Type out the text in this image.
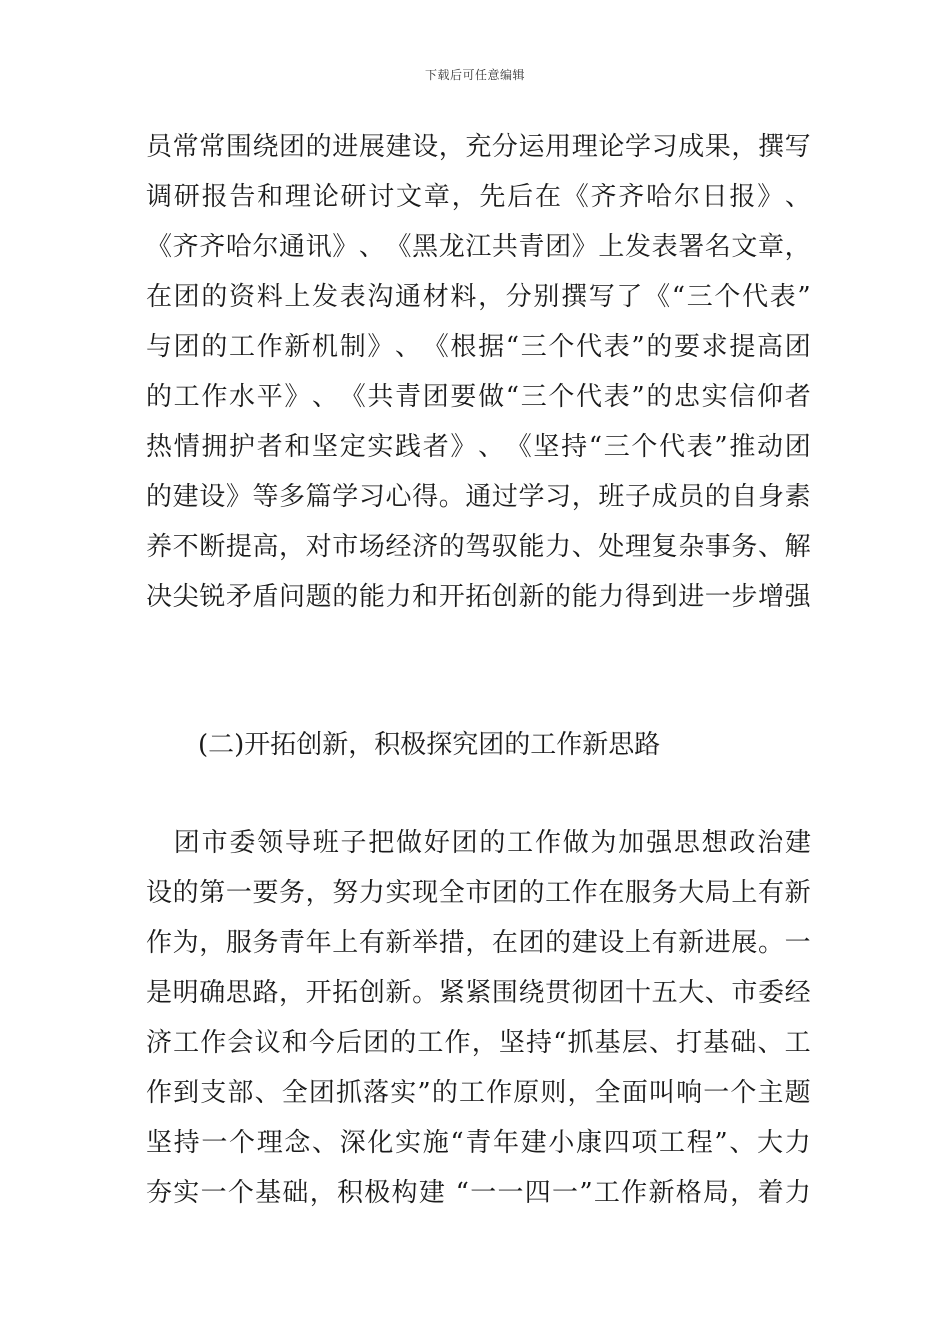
下载后可任意编辑
员 常 常 围 绕 团 的 进 展 建 设 ， 充 分 运 用 理 论 学 习 成 果 ， 撰 写
调 研 报 告 和 理 论 研 讨 文 章 ， 先 后 在 《 齐 齐 哈 尔 日 报 》 、
《 齐 齐 哈 尔 通 讯 》 、 《 黑 龙 江 共 青 团 》 上 发 表 署 名 文 章 ，
在 团 的 资 料 上 发 表 沟 通 材 料 ， 分 别 撰 写 了 《 “ 三 个 代 表 ”
与 团 的 工 作 新 机 制 》 、 《 根 据 “ 三 个 代 表 ” 的 要 求 提 高 团
的 工 作 水 平 》 、 《 共 青 团 要 做 “ 三 个 代 表 ” 的 忠 实 信 仰 者
热 情 拥 护 者 和 坚 定 实 践 者 》 、 《 坚 持 “ 三 个 代 表 ” 推 动 团
的 建 设 》 等 多 篇 学 习 心 得 。 通 过 学 习 ， 班 子 成 员 的 自 身 素
养 不 断 提 高 ， 对 市 场 经 济 的 驾 驭 能 力 、 处 理 复 杂 事 务 、 解
决 尖 锐 矛 盾 问 题 的 能 力 和 开 拓 创 新 的 能 力 得 到 进 一 步 增 强
(二)开拓创新，积极探究团的工作新思路

团 市 委 领 导 班 子 把 做 好 团 的 工 作 做 为 加 强 思 想 政 治 建
设 的 第 一 要 务 ， 努 力 实 现 全 市 团 的 工 作 在 服 务 大 局 上 有 新
作 为 ， 服 务 青 年 上 有 新 举 措 ， 在 团 的 建 设 上 有 新 进 展 。 一
是 明 确 思 路 ， 开 拓 创 新 。 紧 紧 围 绕 贯 彻 团 十 五 大 、 市 委 经
济 工 作 会 议 和 今 后 团 的 工 作 ， 坚 持 “ 抓 基 层 、 打 基 础 、 工
作 到 支 部 、 全 团 抓 落 实 ” 的 工 作 原 则 ， 全 面 叫 响 一 个 主 题
坚 持 一 个 理 念 、 深 化 实 施 “ 青 年 建 小 康 四 项 工 程 ” 、 大 力
夯 实 一 个 基 础 ， 积 极 构 建
“ 一 一 四 一 ” 工 作 新 格 局 ， 着 力
